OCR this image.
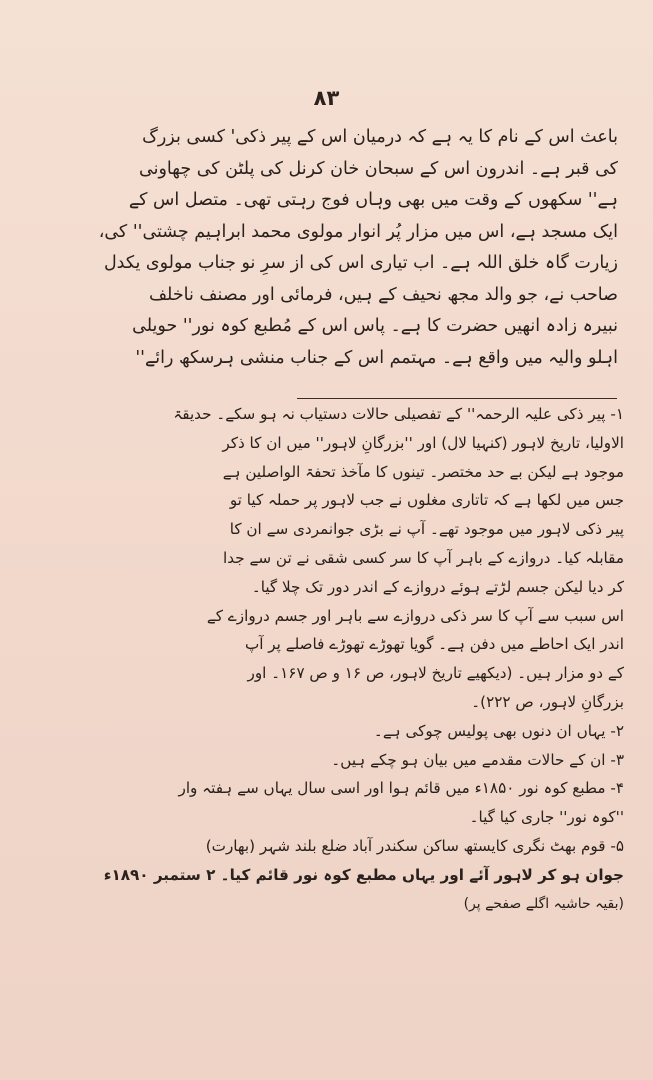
۸۳
باعث اس کے نام کا یہ ہے کہ درمیان اس کے پیر ذکی' کسی بزرگ
کی قبر ہے۔ اندرون اس کے سبحان خان کرنل کی پلٹن کی چھاونی
ہے'' سکھوں کے وقت میں بھی وہاں فوج رہتی تھی۔ متصل اس کے
ایک مسجد ہے، اس میں مزار پُر انوار مولوی محمد ابراہیم چشتی'' کی،
زیارت گاہ خلق اللہ ہے۔ اب تیاری اس کی از سرِ نو جناب مولوی یکدل
صاحب نے، جو والد مجھ نحیف کے ہیں، فرمائی اور مصنف ناخلف
نبیرہ زادہ انھیں حضرت کا ہے۔ پاس اس کے مُطبع کوہ نور'' حویلی
اہلو والیہ میں واقع ہے۔ مہتمم اس کے جناب منشی ہرسکھ رائے''
۱- پیر ذکی علیہ الرحمہ'' کے تفصیلی حالات دستیاب نہ ہو سکے۔ حدیقۃ
الاولیا، تاریخ لاہور (کنہیا لال) اور ''بزرگانِ لاہور'' میں ان کا ذکر
موجود ہے لیکن بے حد مختصر۔ تینوں کا مآخذ تحفۃ الواصلین ہے
جس میں لکھا ہے کہ تاتاری مغلوں نے جب لاہور پر حملہ کیا تو
پیر ذکی لاہور میں موجود تھے۔ آپ نے بڑی جوانمردی سے ان کا
مقابلہ کیا۔ دروازے کے باہر آپ کا سر کسی شقی نے تن سے جدا
کر دیا لیکن جسم لڑتے ہوئے دروازے کے اندر دور تک چلا گیا۔
اس سبب سے آپ کا سر ذکی دروازے سے باہر اور جسم دروازے کے
اندر ایک احاطے میں دفن ہے۔ گویا تھوڑے تھوڑے فاصلے پر آپ
کے دو مزار ہیں۔ (دیکھیے تاریخ لاہور، ص ۱۶ و ص ۱۶۷۔ اور
بزرگانِ لاہور، ص ۲۲۲)۔
۲- یہاں ان دنوں بھی پولیس چوکی ہے۔
۳- ان کے حالات مقدمے میں بیان ہو چکے ہیں۔
۴- مطبع کوہ نور ۱۸۵۰ء میں قائم ہوا اور اسی سال یہاں سے ہفتہ وار
''کوہ نور'' جاری کیا گیا۔
۵- قوم بھٹ نگری کایستھ ساکن سکندر آباد ضلع بلند شہر (بھارت)
جوان ہو کر لاہور آئے اور یہاں مطبع کوہ نور قائم کیا۔ ۲ ستمبر ۱۸۹۰ء
(بقیہ حاشیہ اگلے صفحے پر)
